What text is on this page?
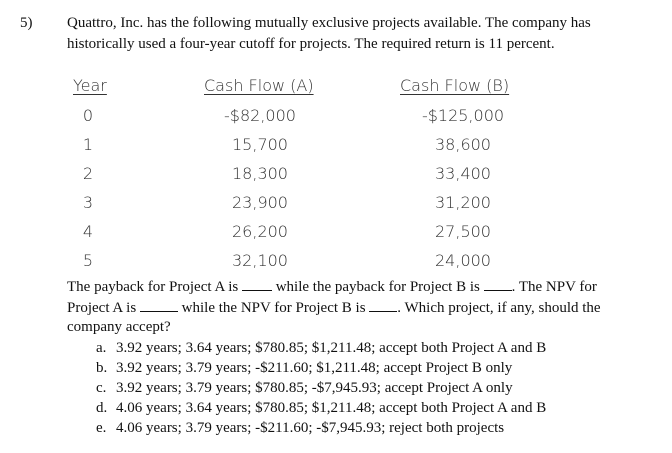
5) Quattro, Inc. has the following mutually exclusive projects available. The company has
historically used a four-year cutoff for projects. The required return is 11 percent.
Year	Cash Flow (A)	Cash Flow (B)
0	-$82,000	-$125,000
1	15,700	38,600
2	18,300	33,400
3	23,900	31,200
4	26,200	27,500
5	32,100	24,000
The payback for Project A is	while the payback for Project B is . The NPV for
Project A is	while the NPV for Project B is . Which project, if any, should the
company accept?
a. 3.92 years; 3.64 years; $780.85; $1,211.48; accept both Project A and B
b. 3.92 years; 3.79 years; -$211.60; $1,211.48; accept Project B only
c. 3.92 years; 3.79 years; $780.85; -$7,945.93; accept Project A only
d. 4.06 years; 3.64 years; $780.85; $1,211.48; accept both Project A and B
e. 4.06 years; 3.79 years; -$211.60; -$7,945.93; reject both projects
